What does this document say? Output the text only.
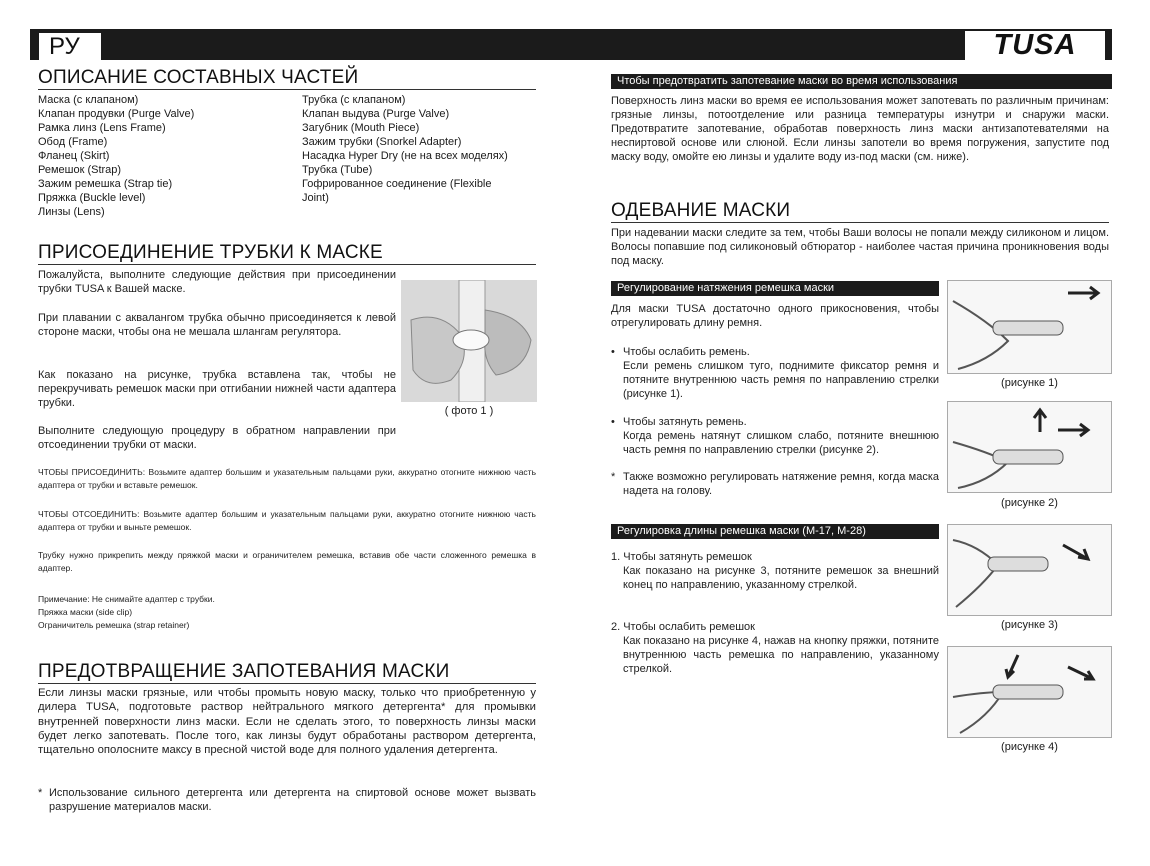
РУ	TUSA
ОПИСАНИЕ СОСТАВНЫХ ЧАСТЕЙ
Маска (с клапаном)
Клапан продувки (Purge Valve)
Рамка линз (Lens Frame)
Обод (Frame)
Фланец (Skirt)
Ремешок (Strap)
Зажим ремешка (Strap tie)
Пряжка (Buckle level)
Линзы (Lens)
Трубка (с клапаном)
Клапан выдува (Purge Valve)
Загубник (Mouth Piece)
Зажим трубки (Snorkel Adapter)
Насадка Hyper Dry (не на всех моделях)
Трубка (Tube)
Гофрированное соединение (Flexible
Joint)
ПРИСОЕДИНЕНИЕ ТРУБКИ К МАСКЕ
Пожалуйста, выполните следующие действия при присоединении трубки TUSA к Вашей маске.
При плавании с аквалангом трубка обычно присоединяется к левой стороне маски, чтобы она не мешала шлангам регулятора.
Как показано на рисунке, трубка вставлена так, чтобы не перекручивать ремешок маски при отгибании нижней части адаптера трубки.
Выполните следующую процедуру в обратном направлении при отсоединении трубки от маски.
( фото 1 )
ЧТОБЫ ПРИСОЕДИНИТЬ: Возьмите адаптер большим и указательным пальцами руки, аккуратно отогните нижнюю часть адаптера от трубки и вставьте ремешок.
ЧТОБЫ ОТСОЕДИНИТЬ: Возьмите адаптер большим и указательным пальцами руки, аккуратно отогните нижнюю часть адаптера от трубки и выньте ремешок.
Трубку нужно прикрепить между пряжкой маски и ограничителем ремешка, вставив обе части сложенного ремешка в адаптер.
Примечание: Не снимайте адаптер с трубки.
Пряжка маски (side clip)
Ограничитель ремешка (strap retainer)
ПРЕДОТВРАЩЕНИЕ ЗАПОТЕВАНИЯ МАСКИ
Если линзы маски грязные, или чтобы промыть новую маску, только что приобретенную у дилера TUSA, подготовьте раствор нейтрального мягкого детергента* для промывки внутренней поверхности линз маски. Если не сделать этого, то поверхность линзы маски будет легко запотевать. После того, как линзы будут обработаны раствором детергента, тщательно ополосните макcу в пресной чистой воде для полного удаления детергента.
* Использование сильного детергента или детергента на спиртовой основе может вызвать разрушение материалов маски.
Чтобы предотвратить запотевание маски во время использования
Поверхность линз маски во время ее использования может запотевать по различным причинам: грязные линзы, потоотделение или разница температуры изнутри и снаружи маски. Предотвратите запотевание, обработав поверхность линз маски антизапотевателями на неспиртовой основе или слюной. Если линзы запотели во время погружения, запустите под маску воду, омойте ею линзы и удалите воду из-под маски (см. ниже).
ОДЕВАНИЕ МАСКИ
При надевании маски следите за тем, чтобы Ваши волосы не попали между силиконом и лицом. Волосы попавшие под силиконовый обтюратор - наиболее частая причина проникновения воды под маску.
Регулирование натяжения ремешка маски
Для маски TUSA достаточно одного прикосновения, чтобы отрегулировать длину ремня.
• Чтобы ослабить ремень.
Если ремень слишком туго, поднимите фиксатор ремня и потяните внутреннюю часть ремня по направлению стрелки (рисунке 1).
• Чтобы затянуть ремень.
Когда ремень натянут слишком слабо, потяните внешнюю часть ремня по направлению стрелки (рисунке 2).
* Также возможно регулировать натяжение ремня, когда маска надета на голову.
Регулировка длины ремешка маски (M-17, M-28)
1. Чтобы затянуть ремешок
Как показано на рисунке 3, потяните ремешок за внешний конец по направлению, указанному стрелкой.
2. Чтобы ослабить ремешок
Как показано на рисунке 4, нажав на кнопку пряжки, потяните внутреннюю часть ремешка по направлению, указанному стрелкой.
(рисунке 1)
(рисунке 2)
(рисунке 3)
(рисунке 4)
